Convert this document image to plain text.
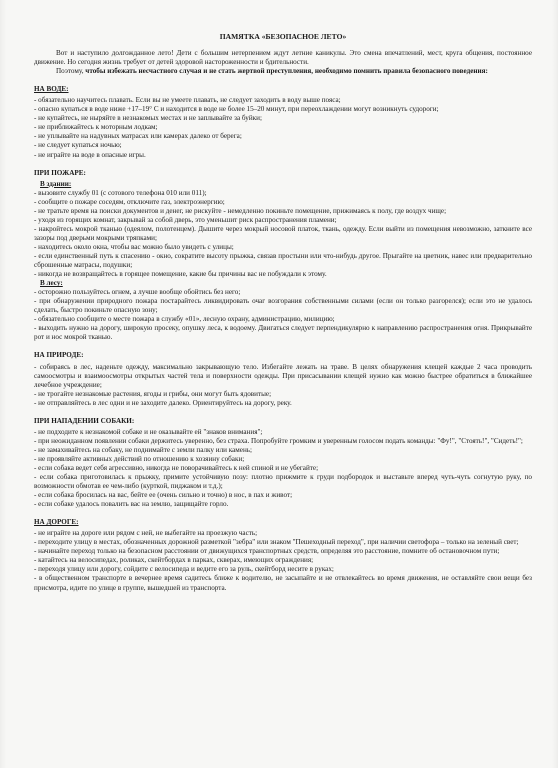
ПАМЯТКА «БЕЗОПАСНОЕ ЛЕТО»

Вот и наступило долгожданное лето! Дети с большим нетерпением ждут летние каникулы. Это смена впечатлений, мест, круга общения, постоянное движение. Но сегодня жизнь требует от детей здоровой настороженности и бдительности.

Поэтому, чтобы избежать несчастного случая и не стать жертвой преступления, необходимо помнить правила безопасного поведения:

НА ВОДЕ:

- обязательно научитесь плавать. Если вы не умеете плавать, не следует заходить в воду выше пояса;

- опасно купаться в воде ниже +17–19° С и находится в воде не более 15–20 минут, при переохлаждении могут возникнуть судороги;

- не купайтесь, не ныряйте в незнакомых местах и не заплывайте за буйки;

- не приближайтесь к моторным лодкам;

- не уплывайте на надувных матрасах или камерах далеко от берега;

- не следует купаться ночью;

- не играйте на воде в опасные игры.

ПРИ ПОЖАРЕ:
В здании:

- вызовите службу 01 (с сотового телефона 010 или 011);

- сообщите о пожаре соседям, отключите газ, электроэнергию;

- не тратьте время на поиски документов и денег, не рискуйте - немедленно покиньте помещение, прижимаясь к полу, где воздух чище;

- уходя из горящих комнат, закрывай за собой дверь, это уменьшит риск распространения пламени;

- накройтесь мокрой тканью (одеялом, полотенцем). Дышите через мокрый носовой платок, ткань, одежду. Если выйти из помещения невозможно, заткните все зазоры под дверьми мокрыми тряпками;

- находитесь около окна, чтобы вас можно было увидеть с улицы;

- если единственный путь к спасению - окно, сократите высоту прыжка, связав простыни или что-нибудь другое. Прыгайте на цветник, навес или предварительно сброшенные матрасы, подушки;

- никогда не возвращайтесь в горящее помещение, какие бы причины вас не побуждали к этому.

В лесу:

- осторожно пользуйтесь огнем, а лучше вообще обойтись без него;

- при обнаружении природного пожара постарайтесь ликвидировать очаг возгорания собственными силами (если он только разгорелся); если это не удалось сделать, быстро покиньте опасную зону;

- обязательно сообщите о месте пожара в службу «01», лесную охрану, администрацию, милицию;

- выходить нужно на дорогу, широкую просеку, опушку леса, к водоему. Двигаться следует перпендикулярно к направлению распространения огня. Прикрывайте рот и нос мокрой тканью.

НА ПРИРОДЕ:

- собираясь в лес, наденьте одежду, максимально закрывающую тело. Избегайте лежать на траве. В целях обнаружения клещей каждые 2 часа проводить самоосмотры и взаимоосмотры открытых частей тела и поверхности одежды. При присасывании клещей нужно как можно быстрее обратиться в ближайшее лечебное учреждение;

- не трогайте незнакомые растения, ягоды и грибы, они могут быть ядовитые;

- не отправляйтесь в лес одни и не заходите далеко. Ориентируйтесь на дорогу, реку.

ПРИ НАПАДЕНИИ СОБАКИ:

- не подходите к незнакомой собаке и не оказывайте ей "знаков внимания";

- при неожиданном появлении собаки держитесь уверенно, без страха. Попробуйте громким и уверенным голосом подать команды: "Фу!", "Стоять!", "Сидеть!";

- не замахивайтесь на собаку, не поднимайте с земли палку или камень;

- не проявляйте активных действий по отношению к хозяину собаки;

- если собака ведет себя агрессивно, никогда не поворачивайтесь к ней спиной и не убегайте;

- если собака приготовилась к прыжку, примите устойчивую позу: плотно прижмите к груди подбородок и выставьте вперед чуть-чуть согнутую руку, по возможности обмотав ее чем-либо (курткой, пиджаком и т.д.);

- если собака бросилась на вас, бейте ее (очень сильно и точно) в нос, в пах и живот;

- если собаке удалось повалить вас на землю, защищайте горло.

НА ДОРОГЕ:

- не играйте на дороге или рядом с ней, не выбегайте на проезжую часть;

- переходите улицу в местах, обозначенных дорожной разметкой "зебра" или знаком "Пешеходный переход", при наличии светофора – только на зеленый свет;

- начинайте переход только на безопасном расстоянии от движущихся транспортных средств, определяя это расстояние, помните об остановочном пути;

- катайтесь на велосипедах, роликах, скейтбордах в парках, скверах, имеющих ограждения;

- переходя улицу или дорогу, сойдите с велосипеда и ведите его за руль, скейтборд несите в руках;

- в общественном транспорте в вечернее время садитесь ближе к водителю, не засыпайте и не отвлекайтесь во время движения, не оставляйте свои вещи без присмотра, идите по улице в группе, вышедшей из транспорта.
